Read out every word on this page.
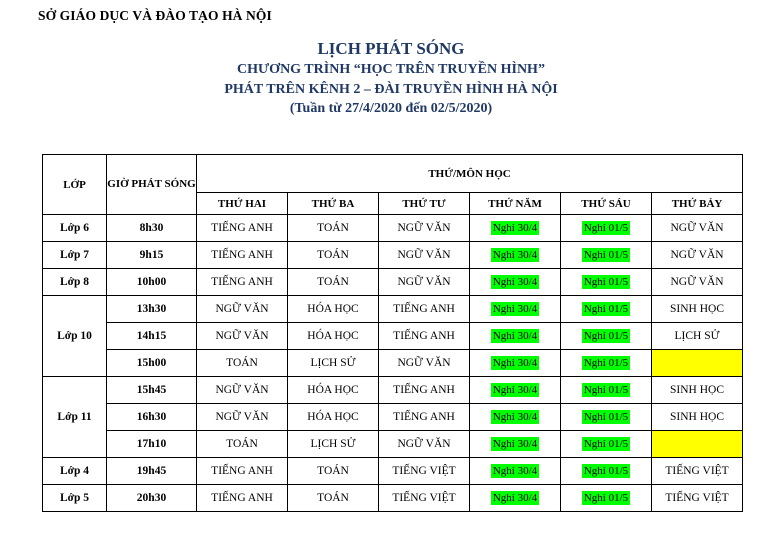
SỞ GIÁO DỤC VÀ ĐÀO TẠO HÀ NỘI
LỊCH PHÁT SÓNG
CHƯƠNG TRÌNH “HỌC TRÊN TRUYỀN HÌNH”
PHÁT TRÊN KÊNH 2 – ĐÀI TRUYỀN HÌNH HÀ NỘI
(Tuần từ 27/4/2020 đến 02/5/2020)
LỚP	GIỜ PHÁT SÓNG	THỨ/MÔN HỌC					
		THỨ HAI	THỨ BA	THỨ TƯ	THỨ NĂM	THỨ SÁU	THỨ BẢY
Lớp 6	8h30	TIẾNG ANH	TOÁN	NGỮ VĂN	Nghỉ 30/4	Nghỉ 01/5	NGỮ VĂN
Lớp 7	9h15	TIẾNG ANH	TOÁN	NGỮ VĂN	Nghỉ 30/4	Nghỉ 01/5	NGỮ VĂN
Lớp 8	10h00	TIẾNG ANH	TOÁN	NGỮ VĂN	Nghỉ 30/4	Nghỉ 01/5	NGỮ VĂN
Lớp 10	13h30	NGỮ VĂN	HÓA HỌC	TIẾNG ANH	Nghỉ 30/4	Nghỉ 01/5	SINH HỌC
	14h15	NGỮ VĂN	HÓA HỌC	TIẾNG ANH	Nghỉ 30/4	Nghỉ 01/5	LỊCH SỬ
	15h00	TOÁN	LỊCH SỬ	NGỮ VĂN	Nghỉ 30/4	Nghỉ 01/5	
Lớp 11	15h45	NGỮ VĂN	HÓA HỌC	TIẾNG ANH	Nghỉ 30/4	Nghỉ 01/5	SINH HỌC
	16h30	NGỮ VĂN	HÓA HỌC	TIẾNG ANH	Nghỉ 30/4	Nghỉ 01/5	SINH HỌC
	17h10	TOÁN	LỊCH SỬ	NGỮ VĂN	Nghỉ 30/4	Nghỉ 01/5	
Lớp 4	19h45	TIẾNG ANH	TOÁN	TIẾNG VIỆT	Nghỉ 30/4	Nghỉ 01/5	TIẾNG VIỆT
Lớp 5	20h30	TIẾNG ANH	TOÁN	TIẾNG VIỆT	Nghỉ 30/4	Nghỉ 01/5	TIẾNG VIỆT
